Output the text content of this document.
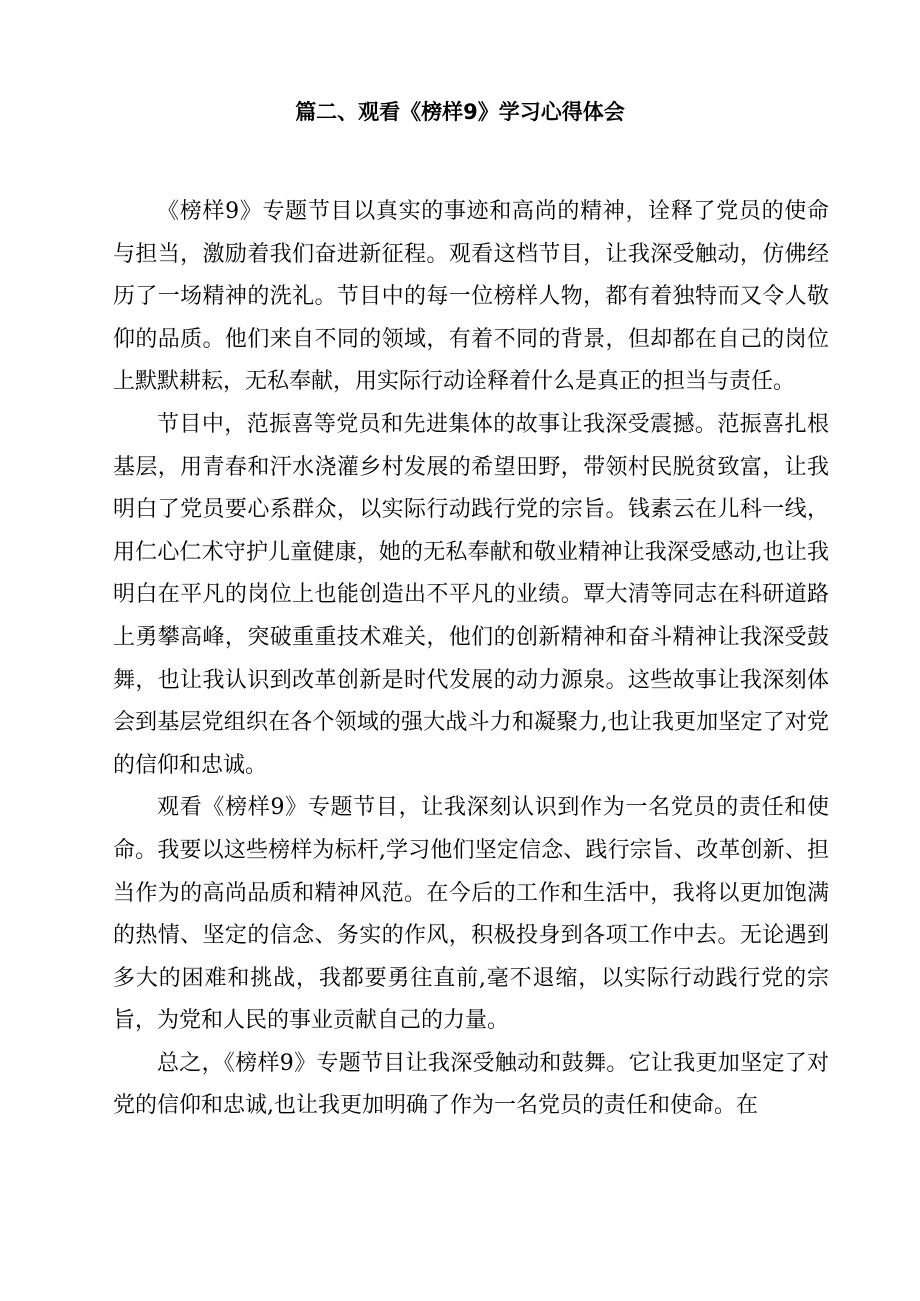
篇二、观看《榜样9》学习心得体会

《榜样9》专题节目以真实的事迹和高尚的精神，诠释了党员的使命与担当，激励着我们奋进新征程。观看这档节目，让我深受触动，仿佛经历了一场精神的洗礼。节目中的每一位榜样人物，都有着独特而又令人敬仰的品质。他们来自不同的领域，有着不同的背景，但却都在自己的岗位上默默耕耘，无私奉献，用实际行动诠释着什么是真正的担当与责任。

节目中，范振喜等党员和先进集体的故事让我深受震撼。范振喜扎根基层，用青春和汗水浇灌乡村发展的希望田野，带领村民脱贫致富，让我明白了党员要心系群众，以实际行动践行党的宗旨。钱素云在儿科一线，用仁心仁术守护儿童健康，她的无私奉献和敬业精神让我深受感动,也让我明白在平凡的岗位上也能创造出不平凡的业绩。覃大清等同志在科研道路上勇攀高峰，突破重重技术难关，他们的创新精神和奋斗精神让我深受鼓舞，也让我认识到改革创新是时代发展的动力源泉。这些故事让我深刻体会到基层党组织在各个领域的强大战斗力和凝聚力,也让我更加坚定了对党的信仰和忠诚。

观看《榜样9》专题节目，让我深刻认识到作为一名党员的责任和使命。我要以这些榜样为标杆,学习他们坚定信念、践行宗旨、改革创新、担当作为的高尚品质和精神风范。在今后的工作和生活中，我将以更加饱满的热情、坚定的信念、务实的作风，积极投身到各项工作中去。无论遇到多大的困难和挑战，我都要勇往直前,毫不退缩，以实际行动践行党的宗旨，为党和人民的事业贡献自己的力量。

总之，《榜样9》专题节目让我深受触动和鼓舞。它让我更加坚定了对党的信仰和忠诚,也让我更加明确了作为一名党员的责任和使命。在
